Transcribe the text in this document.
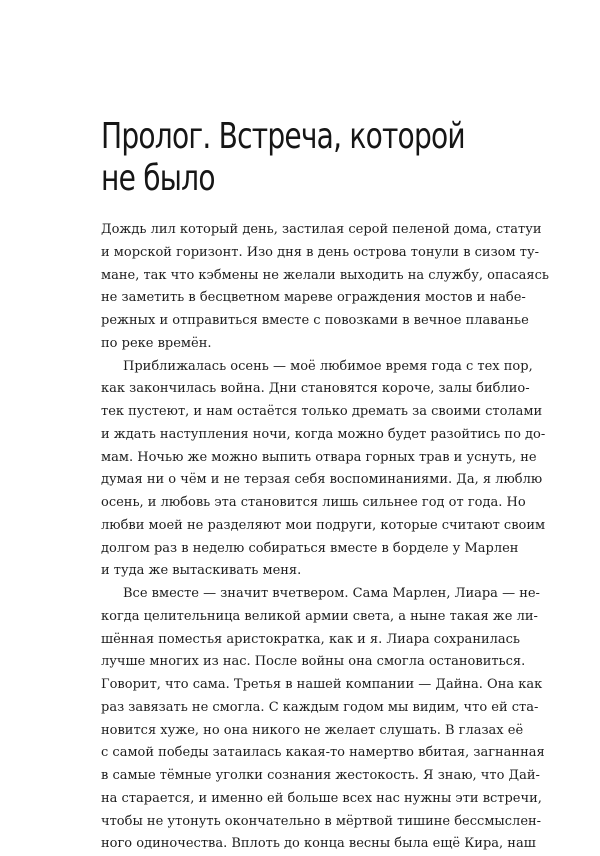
Пролог. Встреча, которой
не было
Дождь лил который день, застилая серой пеленой дома, статуи
и морской горизонт. Изо дня в день острова тонули в сизом ту-
мане, так что кэбмены не желали выходить на службу, опасаясь
не заметить в бесцветном мареве ограждения мостов и набе-
режных и отправиться вместе с повозками в вечное плаванье
по реке времён.
Приближалась осень — моё любимое время года с тех пор,
как закончилась война. Дни становятся короче, залы библио-
тек пустеют, и нам остаётся только дремать за своими столами
и ждать наступления ночи, когда можно будет разойтись по до-
мам. Ночью же можно выпить отвара горных трав и уснуть, не
думая ни о чём и не терзая себя воспоминаниями. Да, я люблю
осень, и любовь эта становится лишь сильнее год от года. Но
любви моей не разделяют мои подруги, которые считают своим
долгом раз в неделю собираться вместе в борделе у Марлен
и туда же вытаскивать меня.
Все вместе — значит вчетвером. Сама Марлен, Лиара — не-
когда целительница великой армии света, а ныне такая же ли-
шённая поместья аристократка, как и я. Лиара сохранилась
лучше многих из нас. После войны она смогла остановиться.
Говорит, что сама. Третья в нашей компании — Дайна. Она как
раз завязать не смогла. С каждым годом мы видим, что ей ста-
новится хуже, но она никого не желает слушать. В глазах её
с самой победы затаилась какая-то намертво вбитая, загнанная
в самые тёмные уголки сознания жестокость. Я знаю, что Дай-
на старается, и именно ей больше всех нас нужны эти встречи,
чтобы не утонуть окончательно в мёртвой тишине бессмыслен-
ного одиночества. Вплоть до конца весны была ещё Кира, наш
